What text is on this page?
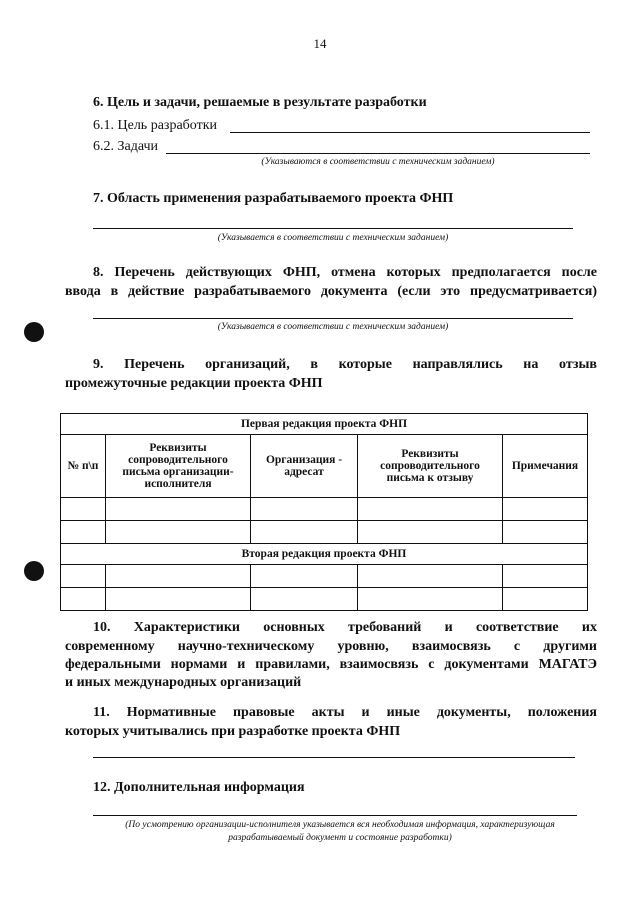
14
6. Цель и задачи, решаемые в результате разработки
6.1. Цель разработки
6.2. Задачи
(Указываются в соответствии с техническим заданием)
7. Область применения разрабатываемого проекта ФНП
(Указывается в соответствии с техническим заданием)
8. Перечень действующих ФНП, отмена которых предполагается после
ввода в действие разрабатываемого документа (если это предусматривается)
(Указывается в соответствии с техническим заданием)
9. Перечень организаций, в которые направлялись на отзыв
промежуточные редакции проекта ФНП
Первая редакция проекта ФНП				
№ п\п	Реквизиты сопроводительного письма организации-исполнителя	Организация - адресат	Реквизиты сопроводительного письма к отзыву	Примечания

Вторая редакция проекта ФНП				

10. Характеристики основных требований и соответствие их
современному научно-техническому уровню, взаимосвязь с другими
федеральными нормами и правилами, взаимосвязь с документами МАГАТЭ
и иных международных организаций
11. Нормативные правовые акты и иные документы, положения
которых учитывались при разработке проекта ФНП
12. Дополнительная информация
(По усмотрению организации-исполнителя указывается вся необходимая информация, характеризующая
разрабатываемый документ и состояние разработки)
